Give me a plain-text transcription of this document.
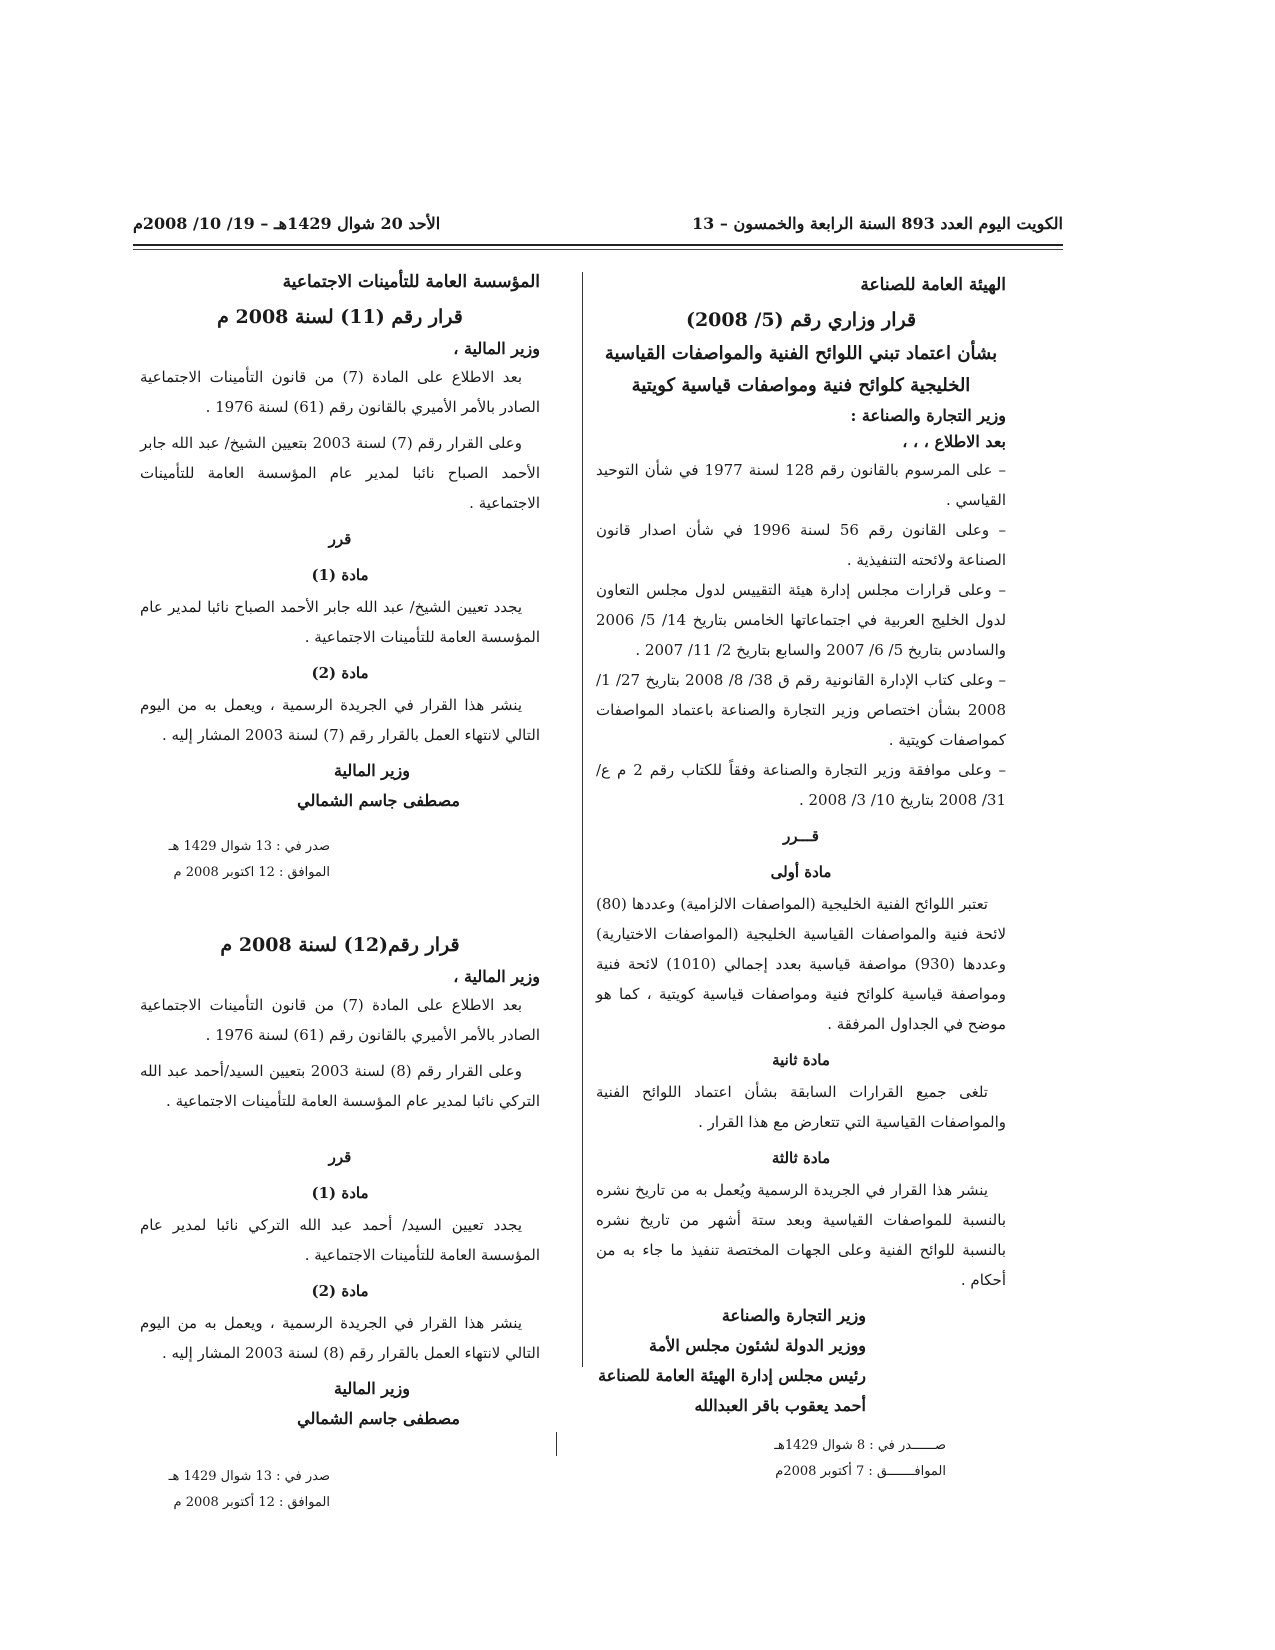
الكويت اليوم العدد 893 السنة الرابعة والخمسون – 13
الأحد 20 شوال 1429هـ – 19/ 10/ 2008م
الهيئة العامة للصناعة
قرار وزاري رقم (5/ 2008)
بشأن اعتماد تبني اللوائح الفنية والمواصفات القياسية
الخليجية كلوائح فنية ومواصفات قياسية كويتية
وزير التجارة والصناعة :
بعد الاطلاع ، ، ،

– على المرسوم بالقانون رقم 128 لسنة 1977 في شأن التوحيد القياسي .

– وعلى القانون رقم 56 لسنة 1996 في شأن اصدار قانون الصناعة ولائحته التنفيذية .

– وعلى قرارات مجلس إدارة هيئة التقييس لدول مجلس التعاون لدول الخليج العربية في اجتماعاتها الخامس بتاريخ 14/ 5/ 2006 والسادس بتاريخ 5/ 6/ 2007 والسابع بتاريخ 2/ 11/ 2007 .

– وعلى كتاب الإدارة القانونية رقم ق 38/ 8/ 2008 بتاريخ 27/ 1/ 2008 بشأن اختصاص وزير التجارة والصناعة باعتماد المواصفات كمواصفات كويتية .

– وعلى موافقة وزير التجارة والصناعة وفقاً للكتاب رقم 2 م ع/ 31/ 2008 بتاريخ 10/ 3/ 2008 .

قـــرر
مادة أولى

تعتبر اللوائح الفنية الخليجية (المواصفات الالزامية) وعددها (80) لائحة فنية والمواصفات القياسية الخليجية (المواصفات الاختيارية) وعددها (930) مواصفة قياسية بعدد إجمالي (1010) لائحة فنية ومواصفة قياسية كلوائح فنية ومواصفات قياسية كويتية ، كما هو موضح في الجداول المرفقة .

مادة ثانية

تلغى جميع القرارات السابقة بشأن اعتماد اللوائح الفنية والمواصفات القياسية التي تتعارض مع هذا القرار .

مادة ثالثة

ينشر هذا القرار في الجريدة الرسمية ويُعمل به من تاريخ نشره بالنسبة للمواصفات القياسية وبعد ستة أشهر من تاريخ نشره بالنسبة للوائح الفنية وعلى الجهات المختصة تنفيذ ما جاء به من أحكام .

وزير التجارة والصناعة
ووزير الدولة لشئون مجلس الأمة
رئيس مجلس إدارة الهيئة العامة للصناعة
أحمد يعقوب باقر العبدالله
صــــــدر في : 8 شوال 1429هـ
الموافـــــــق : 7 أكتوبر 2008م
المؤسسة العامة للتأمينات الاجتماعية
قرار رقم (11) لسنة 2008 م
وزير المالية ،

بعد الاطلاع على المادة (7) من قانون التأمينات الاجتماعية الصادر بالأمر الأميري بالقانون رقم (61) لسنة 1976 .

وعلى القرار رقم (7) لسنة 2003 بتعيين الشيخ/ عبد الله جابر الأحمد الصباح نائبا لمدير عام المؤسسة العامة للتأمينات الاجتماعية .

قرر
مادة (1)

يجدد تعيين الشيخ/ عبد الله جابر الأحمد الصباح نائبا لمدير عام المؤسسة العامة للتأمينات الاجتماعية .

مادة (2)

ينشر هذا القرار في الجريدة الرسمية ، ويعمل به من اليوم التالي لانتهاء العمل بالقرار رقم (7) لسنة 2003 المشار إليه .

وزير المالية
مصطفى جاسم الشمالي
صدر في : 13 شوال 1429 هـ
الموافق : 12 اكتوبر 2008 م
قرار رقم(12) لسنة 2008 م
وزير المالية ،

بعد الاطلاع على المادة (7) من قانون التأمينات الاجتماعية الصادر بالأمر الأميري بالقانون رقم (61) لسنة 1976 .

وعلى القرار رقم (8) لسنة 2003 بتعيين السيد/أحمد عبد الله التركي نائبا لمدير عام المؤسسة العامة للتأمينات الاجتماعية .

قرر
مادة (1)

يجدد تعيين السيد/ أحمد عبد الله التركي نائبا لمدير عام المؤسسة العامة للتأمينات الاجتماعية .

مادة (2)

ينشر هذا القرار في الجريدة الرسمية ، ويعمل به من اليوم التالي لانتهاء العمل بالقرار رقم (8) لسنة 2003 المشار إليه .

وزير المالية
مصطفى جاسم الشمالي
صدر في : 13 شوال 1429 هـ
الموافق : 12 أكتوبر 2008 م
